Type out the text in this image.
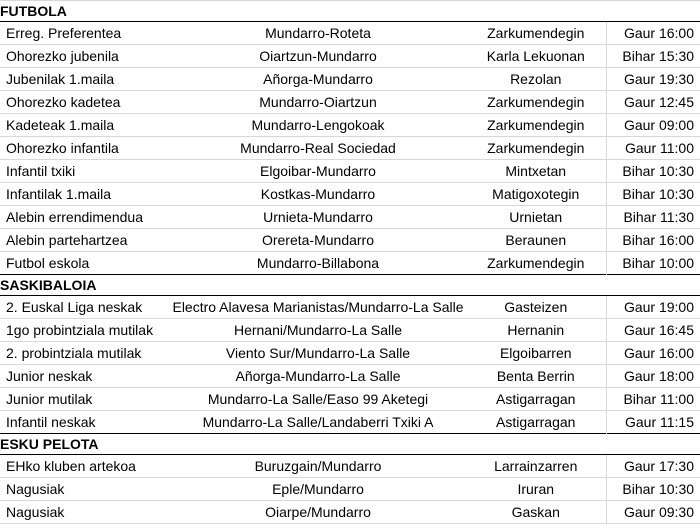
FUTBOLA			
Erreg. Preferentea	Mundarro-Roteta	Zarkumendegin	Gaur 16:00
Ohorezko jubenila	Oiartzun-Mundarro	Karla Lekuonan	Bihar 15:30
Jubenilak 1.maila	Añorga-Mundarro	Rezolan	Gaur 19:30
Ohorezko kadetea	Mundarro-Oiartzun	Zarkumendegin	Gaur 12:45
Kadeteak 1.maila	Mundarro-Lengokoak	Zarkumendegin	Gaur 09:00
Ohorezko infantila	Mundarro-Real Sociedad	Zarkumendegin	Gaur 11:00
Infantil txiki	Elgoibar-Mundarro	Mintxetan	Bihar 10:30
Infantilak 1.maila	Kostkas-Mundarro	Matigoxotegin	Bihar 10:30
Alebin errendimendua	Urnieta-Mundarro	Urnietan	Bihar 11:30
Alebin partehartzea	Orereta-Mundarro	Beraunen	Bihar 16:00
Futbol eskola	Mundarro-Billabona	Zarkumendegin	Bihar 10:00
SASKIBALOIA			
2. Euskal Liga neskak	Electro Alavesa Marianistas/Mundarro-La Salle	Gasteizen	Gaur 19:00
1go probintziala mutilak	Hernani/Mundarro-La Salle	Hernanin	Gaur 16:45
2. probintziala mutilak	Viento Sur/Mundarro-La Salle	Elgoibarren	Gaur 16:00
Junior neskak	Añorga-Mundarro-La Salle	Benta Berrin	Gaur 18:00
Junior mutilak	Mundarro-La Salle/Easo 99 Aketegi	Astigarragan	Bihar 11:00
Infantil neskak	Mundarro-La Salle/Landaberri Txiki A	Astigarragan	Gaur 11:15
ESKU PELOTA			
EHko kluben artekoa	Buruzgain/Mundarro	Larrainzarren	Gaur 17:30
Nagusiak	Eple/Mundarro	Iruran	Bihar 10:30
Nagusiak	Oiarpe/Mundarro	Gaskan	Gaur 09:30
